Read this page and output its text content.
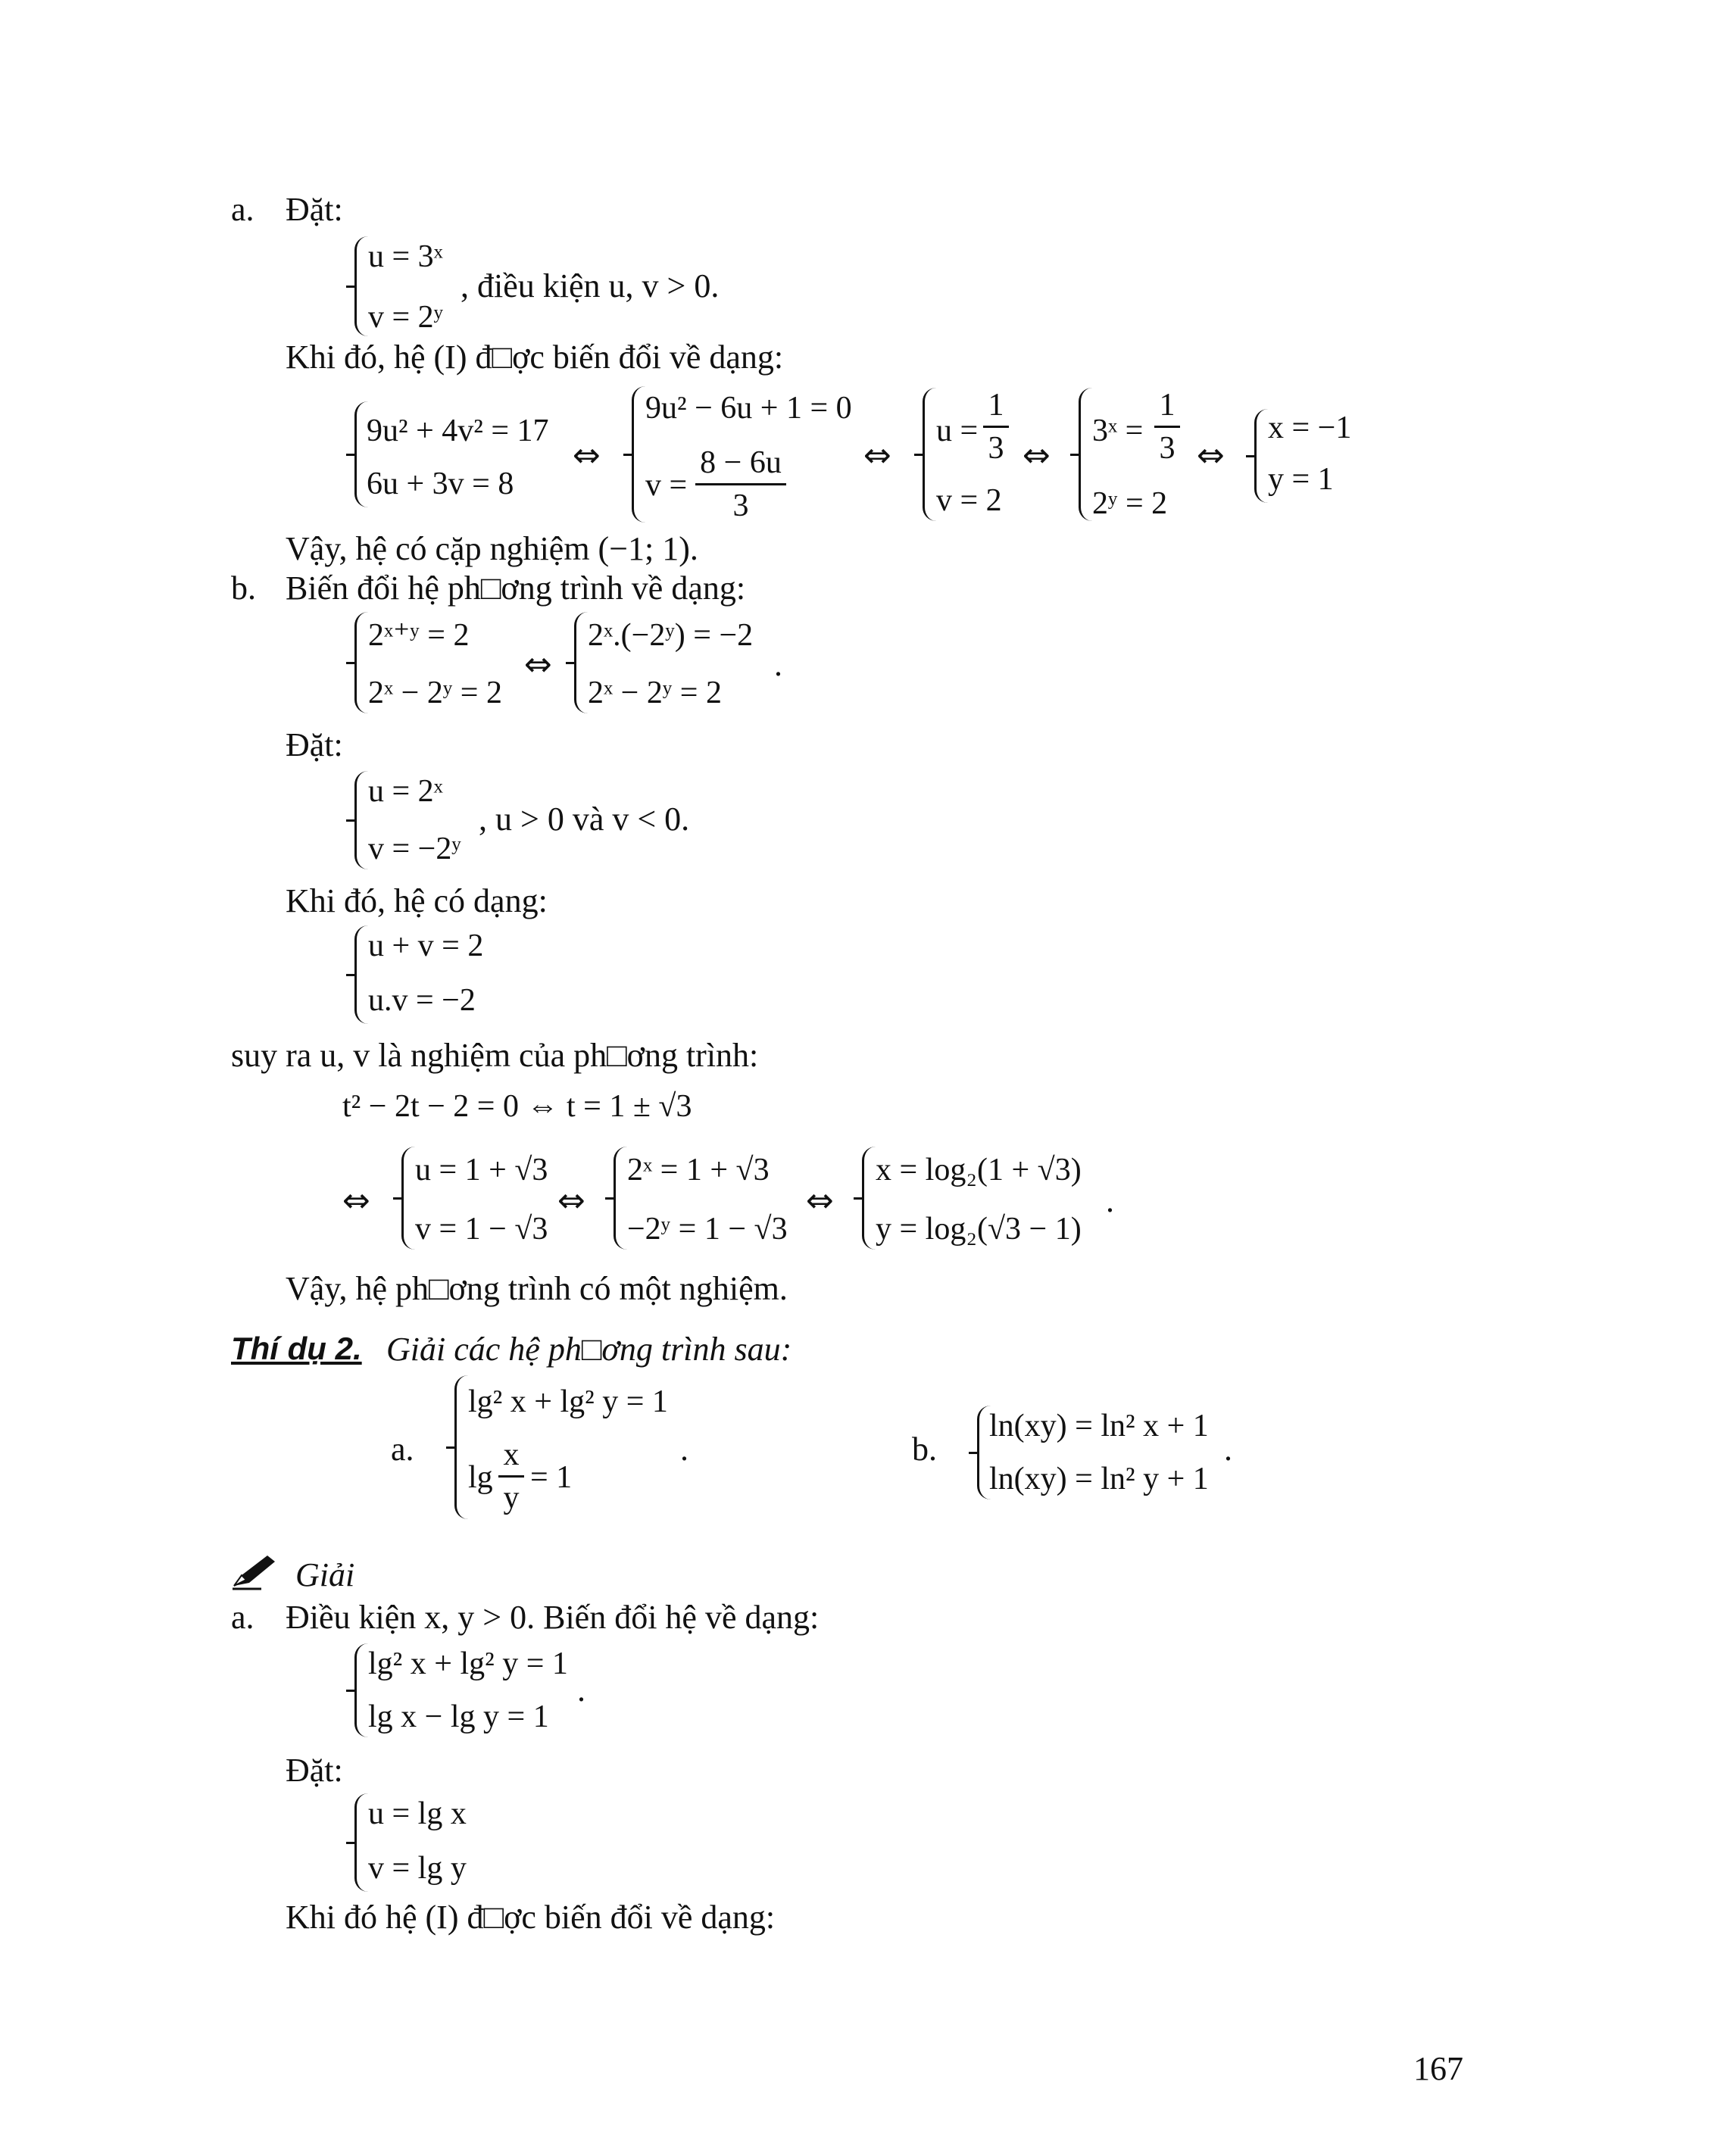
a. Đặt:
u = 3ˣ
v = 2ʸ
, điều kiện u, v > 0.
Khi đó, hệ (I) đ□ợc biến đổi về dạng:
9u² + 4v² = 17
6u + 3v = 8
⇔
9u² − 6u + 1 = 0
v =
8 − 6u
3
⇔
u =
1
3
v = 2
⇔
3ˣ =
1
3
2ʸ = 2
⇔
x = −1
y = 1
Vậy, hệ có cặp nghiệm (−1; 1).
b. Biến đổi hệ ph□ơng trình về dạng:
2ˣ⁺ʸ = 2
2ˣ − 2ʸ = 2
⇔
2ˣ.(−2ʸ) = −2
2ˣ − 2ʸ = 2
.
Đặt:
u = 2ˣ
v = −2ʸ
, u > 0 và v < 0.
Khi đó, hệ có dạng:
u + v = 2
u.v = −2
suy ra u, v là nghiệm của ph□ơng trình:
t² − 2t − 2 = 0 ⇔ t = 1 ± √3
⇔
u = 1 + √3
v = 1 − √3
⇔
2ˣ = 1 + √3
−2ʸ = 1 − √3
⇔
x = log₂(1 + √3)
y = log₂(√3 − 1)
.
Vậy, hệ ph□ơng trình có một nghiệm.
Thí dụ 2. Giải các hệ ph□ơng trình sau:
a.
lg² x + lg² y = 1
lg
x
y
= 1
.	b.
ln(xy) = ln² x + 1
ln(xy) = ln² y + 1
.
Giải
a. Điều kiện x, y > 0. Biến đổi hệ về dạng:
lg² x + lg² y = 1
lg x − lg y = 1
.
Đặt:
u = lg x
v = lg y
Khi đó hệ (I) đ□ợc biến đổi về dạng:
167
